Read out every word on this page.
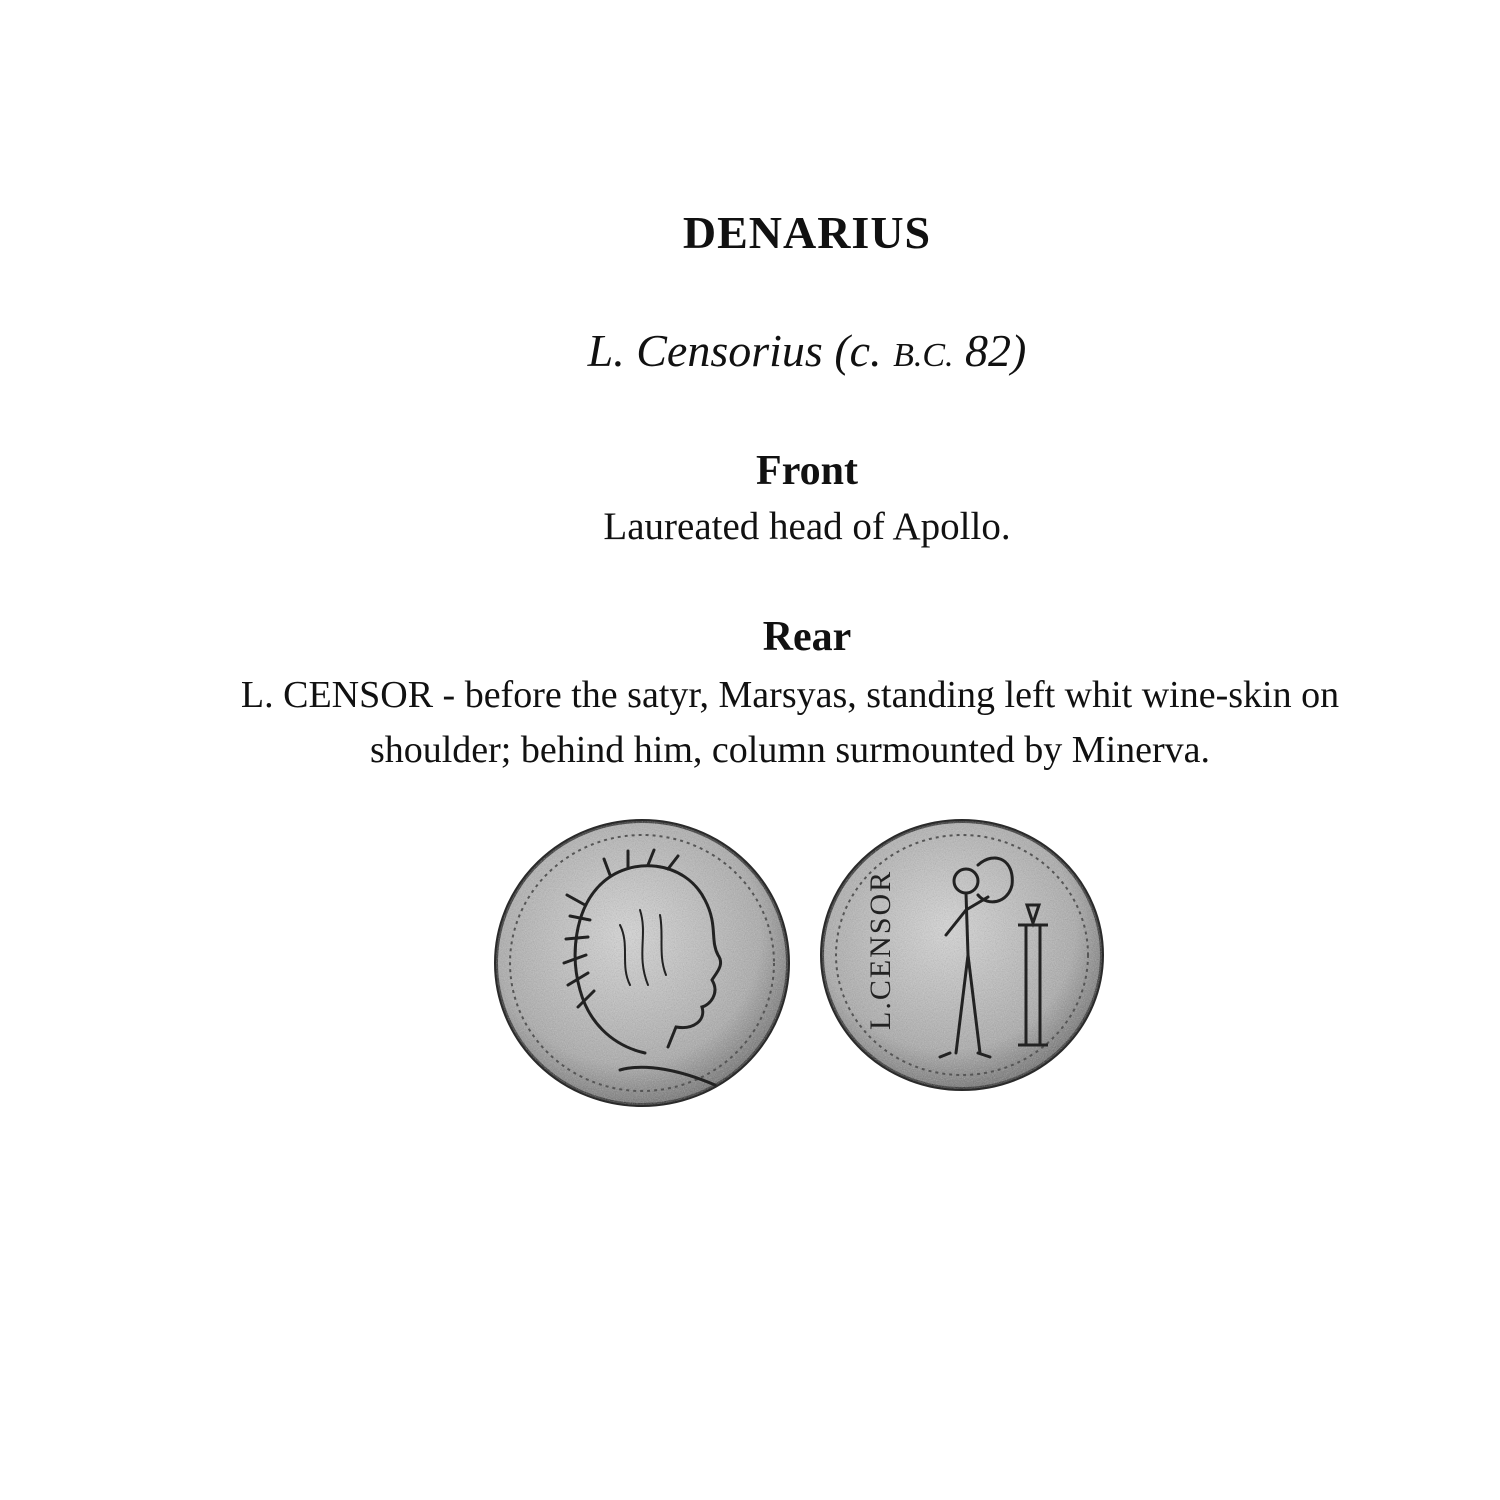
DENARIUS
L. Censorius (c. B.C. 82)
Front
Laureated head of Apollo.
Rear
L. CENSOR - before the satyr, Marsyas, standing left whit wine-skin on
shoulder; behind him, column surmounted by Minerva.
L.CENSOR
